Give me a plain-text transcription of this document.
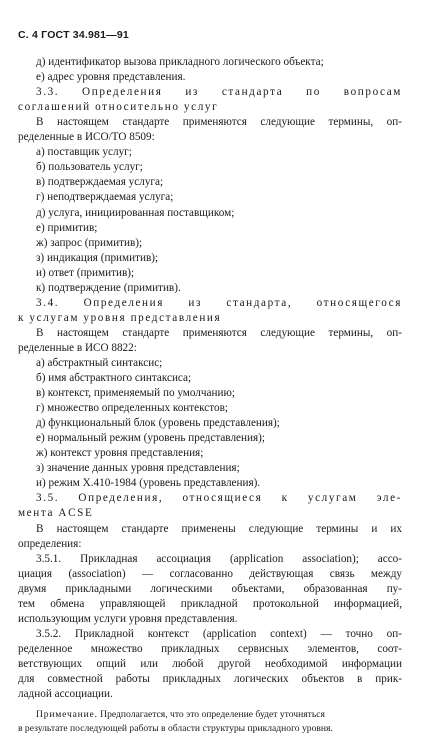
С. 4 ГОСТ 34.981—91
д) идентификатор вызова прикладного логического объекта;
е) адрес уровня представления.
3.3. Определения из стандарта по вопросам
соглашений относительно услуг
В настоящем стандарте применяются следующие термины, оп-
ределенные в ИСО/ТО 8509:
а) поставщик услуг;
б) пользователь услуг;
в) подтверждаемая услуга;
г) неподтверждаемая услуга;
д) услуга, инициированная поставщиком;
е) примитив;
ж) запрос (примитив);
з) индикация (примитив);
и) ответ (примитив);
к) подтверждение (примитив).
3.4. Определения из стандарта, относящегося
к услугам уровня представления
В настоящем стандарте применяются следующие термины, оп-
ределенные в ИСО 8822:
а) абстрактный синтаксис;
б) имя абстрактного синтаксиса;
в) контекст, применяемый по умолчанию;
г) множество определенных контекстов;
д) функциональный блок (уровень представления);
е) нормальный режим (уровень представления);
ж) контекст уровня представления;
з) значение данных уровня представления;
и) режим X.410-1984 (уровень представления).
3.5. Определения, относящиеся к услугам эле-
мента ACSE
В настоящем стандарте применены следующие термины и их
определения:
3.5.1. Прикладная ассоциация (application association); ассо-
циация (association) — согласованно действующая связь между
двумя прикладными логическими объектами, образованная пу-
тем обмена управляющей прикладной протокольной информацией,
использующим услуги уровня представления.
3.5.2. Прикладной контекст (application context) — точно оп-
ределенное множество прикладных сервисных элементов, соот-
ветствующих опций или любой другой необходимой информации
для совместной работы прикладных логических объектов в прик-
ладной ассоциации.
Примечание. Предполагается, что это определение будет уточняться
в результате последующей работы в области структуры прикладного уровня.
